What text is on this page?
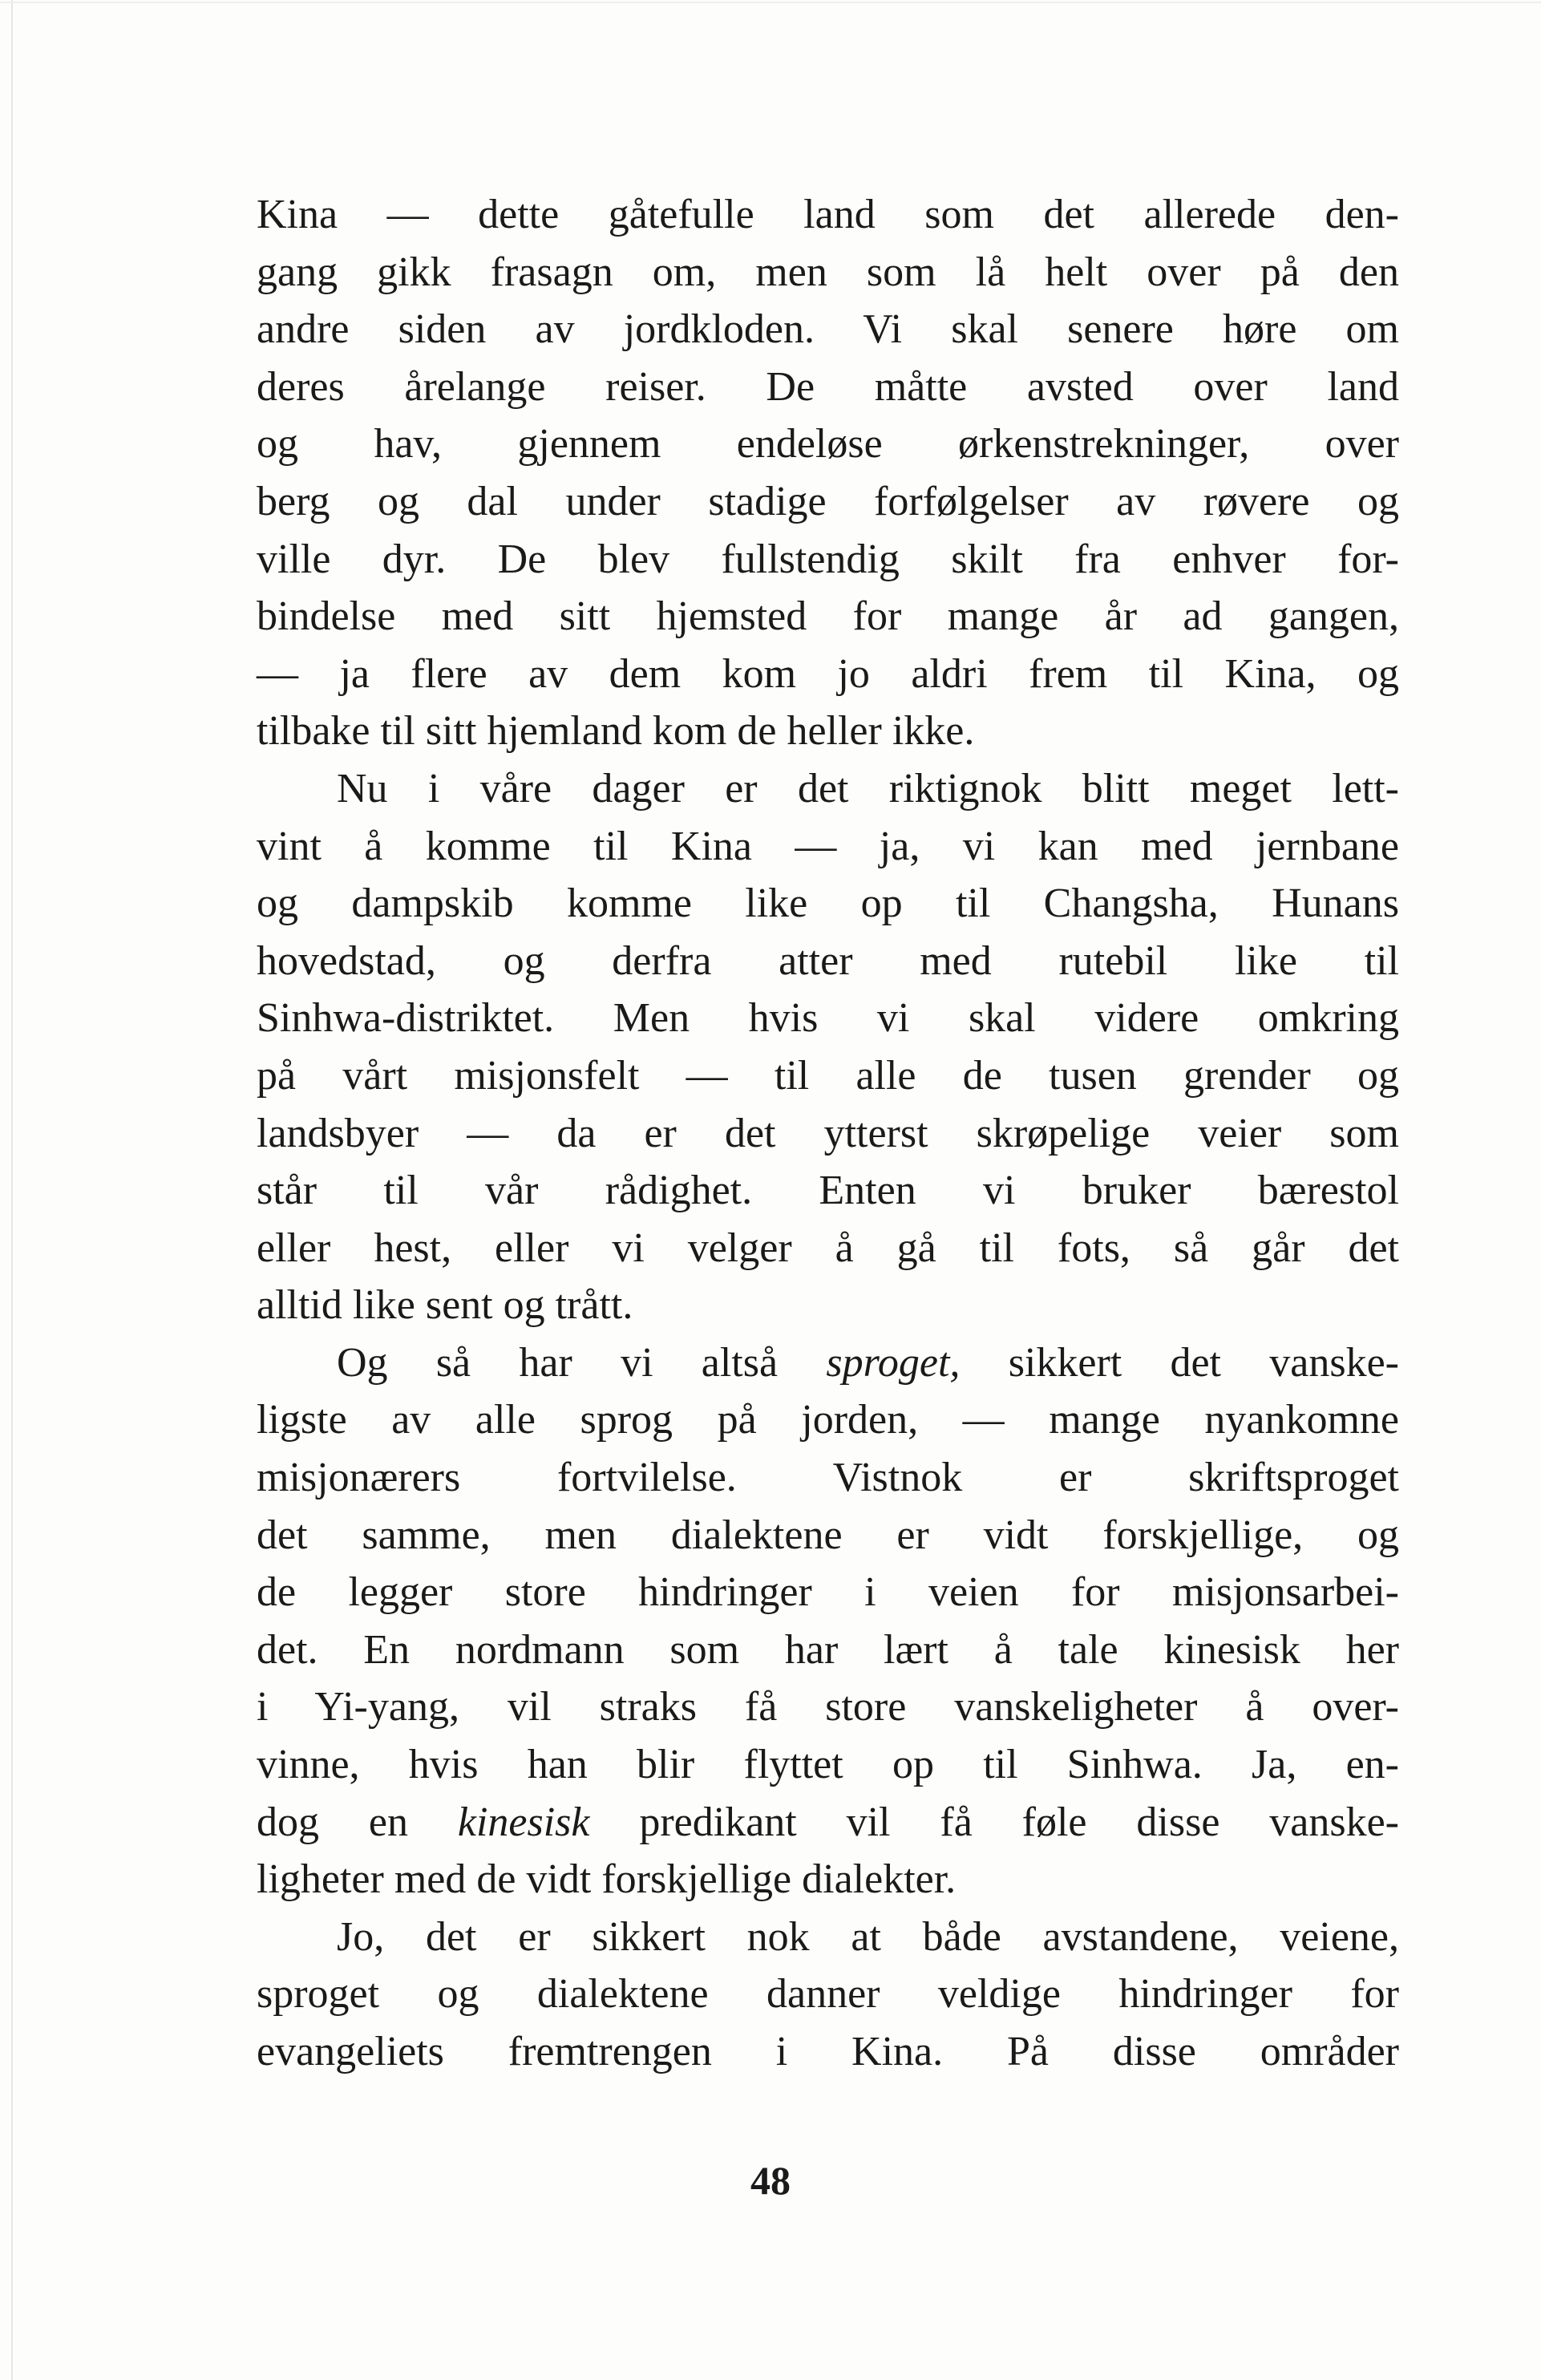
Kina — dette gåtefulle land som det allerede den-
gang gikk frasagn om, men som lå helt over på den
andre siden av jordkloden. Vi skal senere høre om
deres årelange reiser. De måtte avsted over land
og hav, gjennem endeløse ørkenstrekninger, over
berg og dal under stadige forfølgelser av røvere og
ville dyr. De blev fullstendig skilt fra enhver for-
bindelse med sitt hjemsted for mange år ad gangen,
— ja flere av dem kom jo aldri frem til Kina, og
tilbake til sitt hjemland kom de heller ikke.

Nu i våre dager er det riktignok blitt meget lett-
vint å komme til Kina — ja, vi kan med jernbane
og dampskib komme like op til Changsha, Hunans
hovedstad, og derfra atter med rutebil like til
Sinhwa-distriktet. Men hvis vi skal videre omkring
på vårt misjonsfelt — til alle de tusen grender og
landsbyer — da er det ytterst skrøpelige veier som
står til vår rådighet. Enten vi bruker bærestol
eller hest, eller vi velger å gå til fots, så går det
alltid like sent og trått.

Og så har vi altså sproget, sikkert det vanske-
ligste av alle sprog på jorden, — mange nyankomne
misjonærers fortvilelse. Vistnok er skriftsproget
det samme, men dialektene er vidt forskjellige, og
de legger store hindringer i veien for misjonsarbei-
det. En nordmann som har lært å tale kinesisk her
i Yi-yang, vil straks få store vanskeligheter å over-
vinne, hvis han blir flyttet op til Sinhwa. Ja, en-
dog en kinesisk predikant vil få føle disse vanske-
ligheter med de vidt forskjellige dialekter.

Jo, det er sikkert nok at både avstandene, veiene,
sproget og dialektene danner veldige hindringer for
evangeliets fremtrengen i Kina. På disse områder

48
